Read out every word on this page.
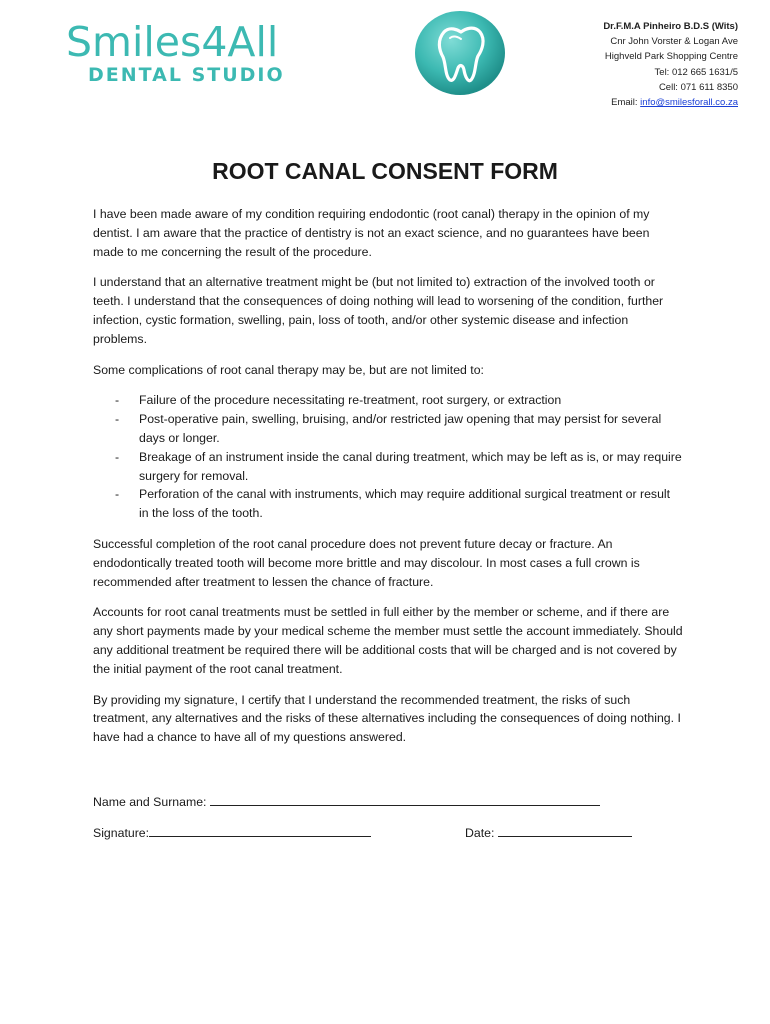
Smiles4All
DENTAL STUDIO
Dr.F.M.A Pinheiro B.D.S (Wits)
Cnr John Vorster & Logan Ave
Highveld Park Shopping Centre
Tel: 012 665 1631/5
Cell: 071 611 8350
Email: info@smilesforall.co.za
ROOT CANAL CONSENT FORM

I have been made aware of my condition requiring endodontic (root canal) therapy in the opinion of my dentist. I am aware that the practice of dentistry is not an exact science, and no guarantees have been made to me concerning the result of the procedure.

I understand that an alternative treatment might be (but not limited to) extraction of the involved tooth or teeth. I understand that the consequences of doing nothing will lead to worsening of the condition, further infection, cystic formation, swelling, pain, loss of tooth, and/or other systemic disease and infection problems.

Some complications of root canal therapy may be, but are not limited to:

- Failure of the procedure necessitating re-treatment, root surgery, or extraction
- Post-operative pain, swelling, bruising, and/or restricted jaw opening that may persist for several days or longer.
- Breakage of an instrument inside the canal during treatment, which may be left as is, or may require surgery for removal.
- Perforation of the canal with instruments, which may require additional surgical treatment or result in the loss of the tooth.

Successful completion of the root canal procedure does not prevent future decay or fracture. An endodontically treated tooth will become more brittle and may discolour. In most cases a full crown is recommended after treatment to lessen the chance of fracture.

Accounts for root canal treatments must be settled in full either by the member or scheme, and if there are any short payments made by your medical scheme the member must settle the account immediately. Should any additional treatment be required there will be additional costs that will be charged and is not covered by the initial payment of the root canal treatment.

By providing my signature, I certify that I understand the recommended treatment, the risks of such treatment, any alternatives and the risks of these alternatives including the consequences of doing nothing. I have had a chance to have all of my questions answered.

Name and Surname:
Signature:	Date:
